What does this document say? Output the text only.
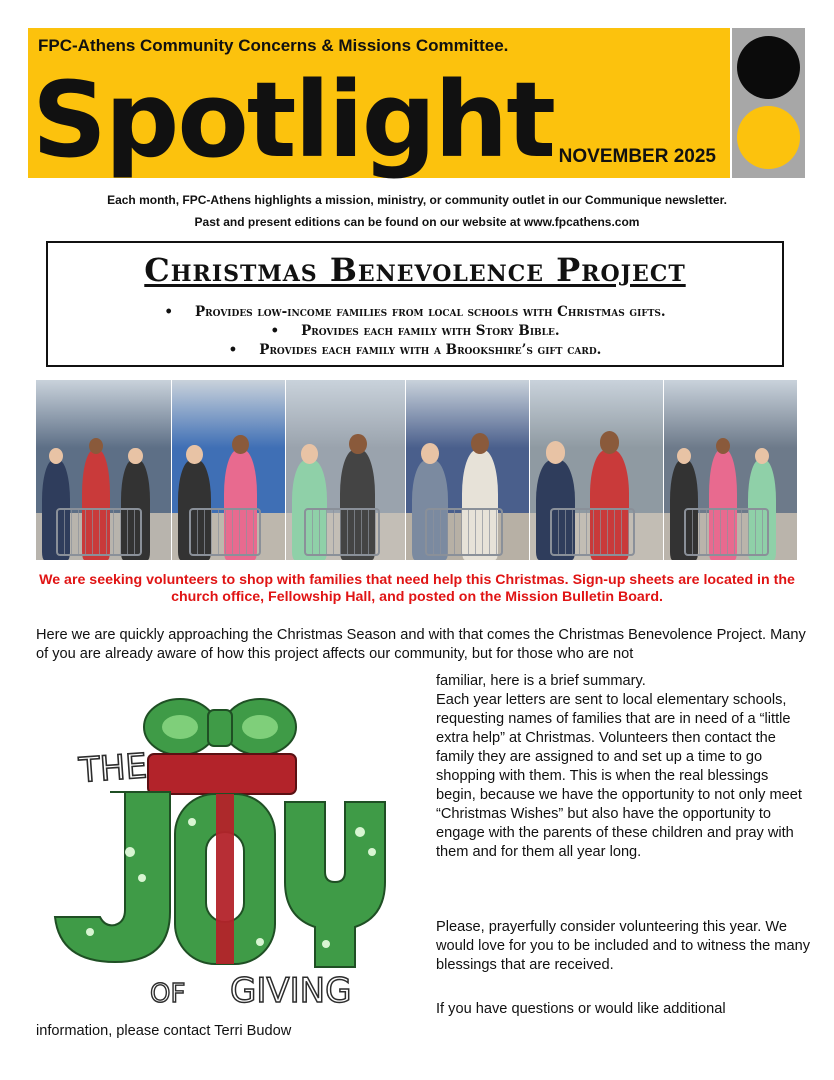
FPC-Athens Community Concerns & Missions Committee.
Spotlight NOVEMBER 2025
Each month, FPC-Athens highlights a mission, ministry, or community outlet in our Communique newsletter.
Past and present editions can be found on our website at www.fpcathens.com
Christmas Benevolence Project
• Provides low-income families from local schools with Christmas gifts.
• Provides each family with Story Bible.
• Provides each family with a Brookshire’s gift card.
We are seeking volunteers to shop with families that need help this Christmas. Sign-up sheets are located in the church office, Fellowship Hall, and posted on the Mission Bulletin Board.
Here we are quickly approaching the Christmas Season and with that comes the Christmas Benevolence Project. Many of you are already aware of how this project affects our community, but for those who are not
familiar, here is a brief summary.
Each year letters are sent to local elementary schools, requesting names of families that are in need of a “little extra help” at Christmas. Volunteers then contact the family they are assigned to and set up a time to go shopping with them. This is when the real blessings begin, because we have the opportunity to not only meet “Christmas Wishes” but also have the opportunity to engage with the parents of these children and pray with them and for them all year long.
Please, prayerfully consider volunteering this year. We would love for you to be included and to witness the many blessings that are received.
If you have questions or would like additional
information, please contact Terri Budow
THE
OF GIVING
